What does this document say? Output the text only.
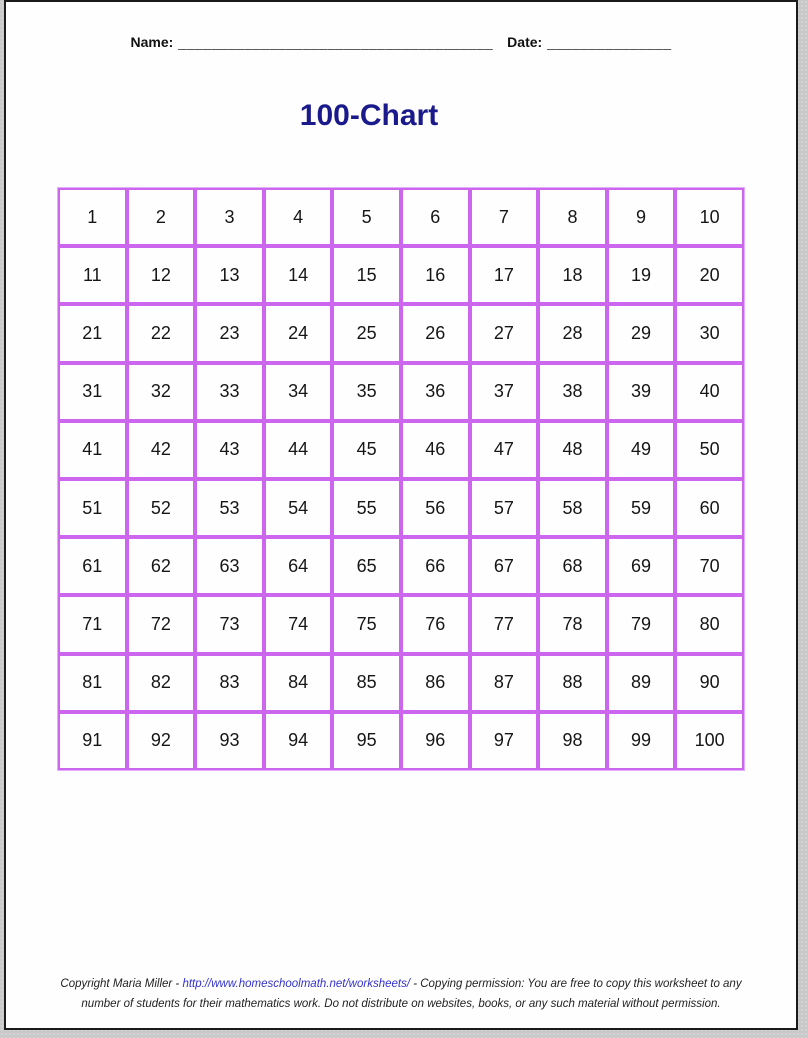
Name: ______________________________________ Date: _______________
100-Chart
1	2	3	4	5	6	7	8	9	10
11	12	13	14	15	16	17	18	19	20
21	22	23	24	25	26	27	28	29	30
31	32	33	34	35	36	37	38	39	40
41	42	43	44	45	46	47	48	49	50
51	52	53	54	55	56	57	58	59	60
61	62	63	64	65	66	67	68	69	70
71	72	73	74	75	76	77	78	79	80
81	82	83	84	85	86	87	88	89	90
91	92	93	94	95	96	97	98	99	100

Copyright Maria Miller - http://www.homeschoolmath.net/worksheets/ - Copying permission: You are free to copy this worksheet to any number of students for their mathematics work. Do not distribute on websites, books, or any such material without permission.
